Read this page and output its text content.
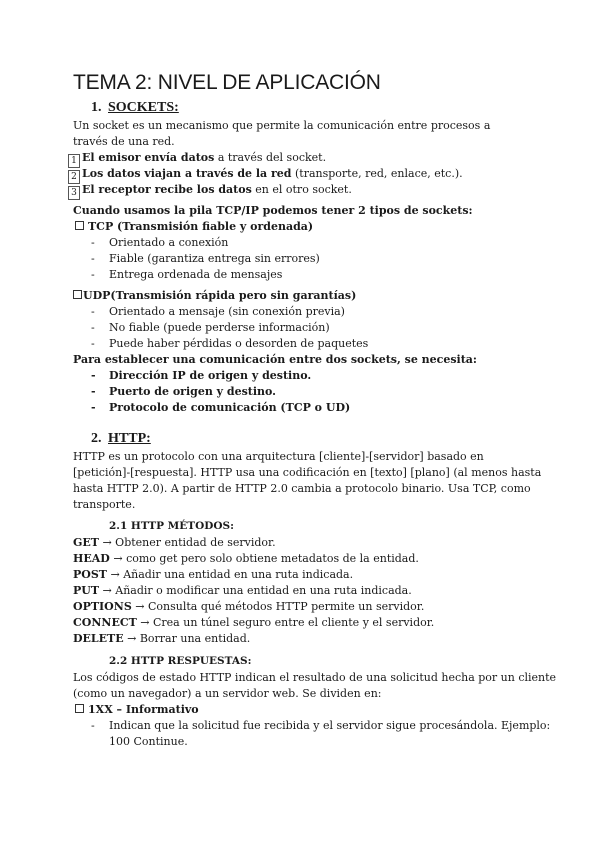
TEMA 2: NIVEL DE APLICACIÓN
1. SOCKETS:
Un socket es un mecanismo que permite la comunicación entre procesos a través de una red.
1 El emisor envía datos a través del socket.
2 Los datos viajan a través de la red (transporte, red, enlace, etc.).
3 El receptor recibe los datos en el otro socket.
Cuando usamos la pila TCP/IP podemos tener 2 tipos de sockets:
TCP (Transmisión fiable y ordenada)
- Orientado a conexión
- Fiable (garantiza entrega sin errores)
- Entrega ordenada de mensajes
UDP(Transmisión rápida pero sin garantías)
- Orientado a mensaje (sin conexión previa)
- No fiable (puede perderse información)
- Puede haber pérdidas o desorden de paquetes
Para establecer una comunicación entre dos sockets, se necesita:
- Dirección IP de origen y destino.
- Puerto de origen y destino.
- Protocolo de comunicación (TCP o UD)
2. HTTP:
HTTP es un protocolo con una arquitectura [cliente]-[servidor] basado en
[petición]-[respuesta]. HTTP usa una codificación en [texto] [plano] (al menos hasta
hasta HTTP 2.0). A partir de HTTP 2.0 cambia a protocolo binario. Usa TCP, como
transporte.
2.1 HTTP MÉTODOS:
GET → Obtener entidad de servidor.
HEAD → como get pero solo obtiene metadatos de la entidad.
POST → Añadir una entidad en una ruta indicada.
PUT → Añadir o modificar una entidad en una ruta indicada.
OPTIONS → Consulta qué métodos HTTP permite un servidor.
CONNECT → Crea un túnel seguro entre el cliente y el servidor.
DELETE → Borrar una entidad.
2.2 HTTP RESPUESTAS:
Los códigos de estado HTTP indican el resultado de una solicitud hecha por un cliente
(como un navegador) a un servidor web. Se dividen en:
1XX – Informativo
- Indican que la solicitud fue recibida y el servidor sigue procesándola. Ejemplo:
100 Continue.
